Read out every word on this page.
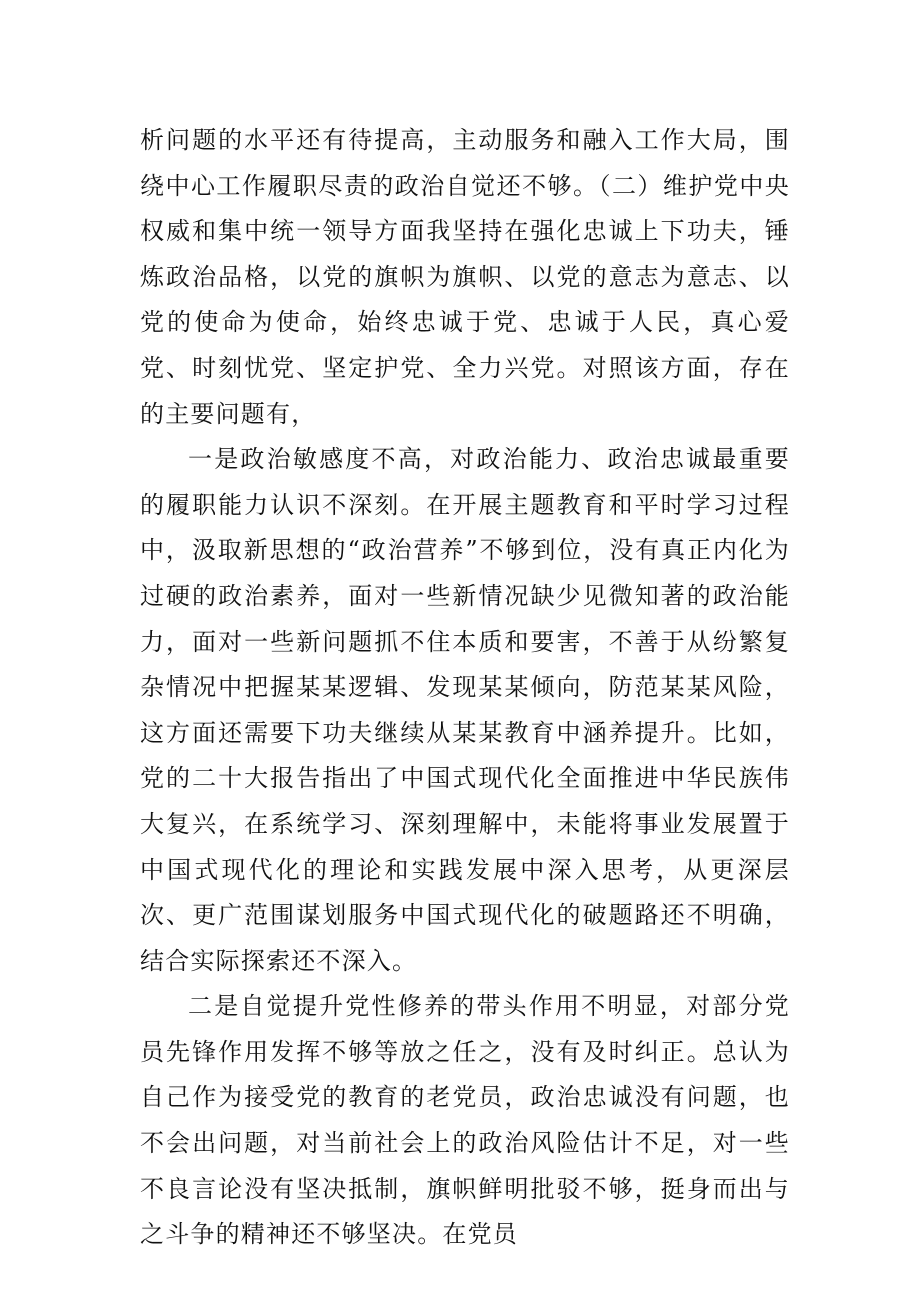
析问题的水平还有待提高，主动服务和融入工作大局，围绕中心工作履职尽责的政治自觉还不够。（二）维护党中央权威和集中统一领导方面我坚持在强化忠诚上下功夫，锤炼政治品格，以党的旗帜为旗帜、以党的意志为意志、以党的使命为使命，始终忠诚于党、忠诚于人民，真心爱党、时刻忧党、坚定护党、全力兴党。对照该方面，存在的主要问题有，

一是政治敏感度不高，对政治能力、政治忠诚最重要的履职能力认识不深刻。在开展主题教育和平时学习过程中，汲取新思想的“政治营养”不够到位，没有真正内化为过硬的政治素养，面对一些新情况缺少见微知著的政治能力，面对一些新问题抓不住本质和要害，不善于从纷繁复杂情况中把握某某逻辑、发现某某倾向，防范某某风险，这方面还需要下功夫继续从某某教育中涵养提升。比如，党的二十大报告指出了中国式现代化全面推进中华民族伟大复兴，在系统学习、深刻理解中，未能将事业发展置于中国式现代化的理论和实践发展中深入思考，从更深层次、更广范围谋划服务中国式现代化的破题路还不明确，结合实际探索还不深入。

二是自觉提升党性修养的带头作用不明显，对部分党员先锋作用发挥不够等放之任之，没有及时纠正。总认为自己作为接受党的教育的老党员，政治忠诚没有问题，也不会出问题，对当前社会上的政治风险估计不足，对一些不良言论没有坚决抵制，旗帜鲜明批驳不够，挺身而出与之斗争的精神还不够坚决。在党员
